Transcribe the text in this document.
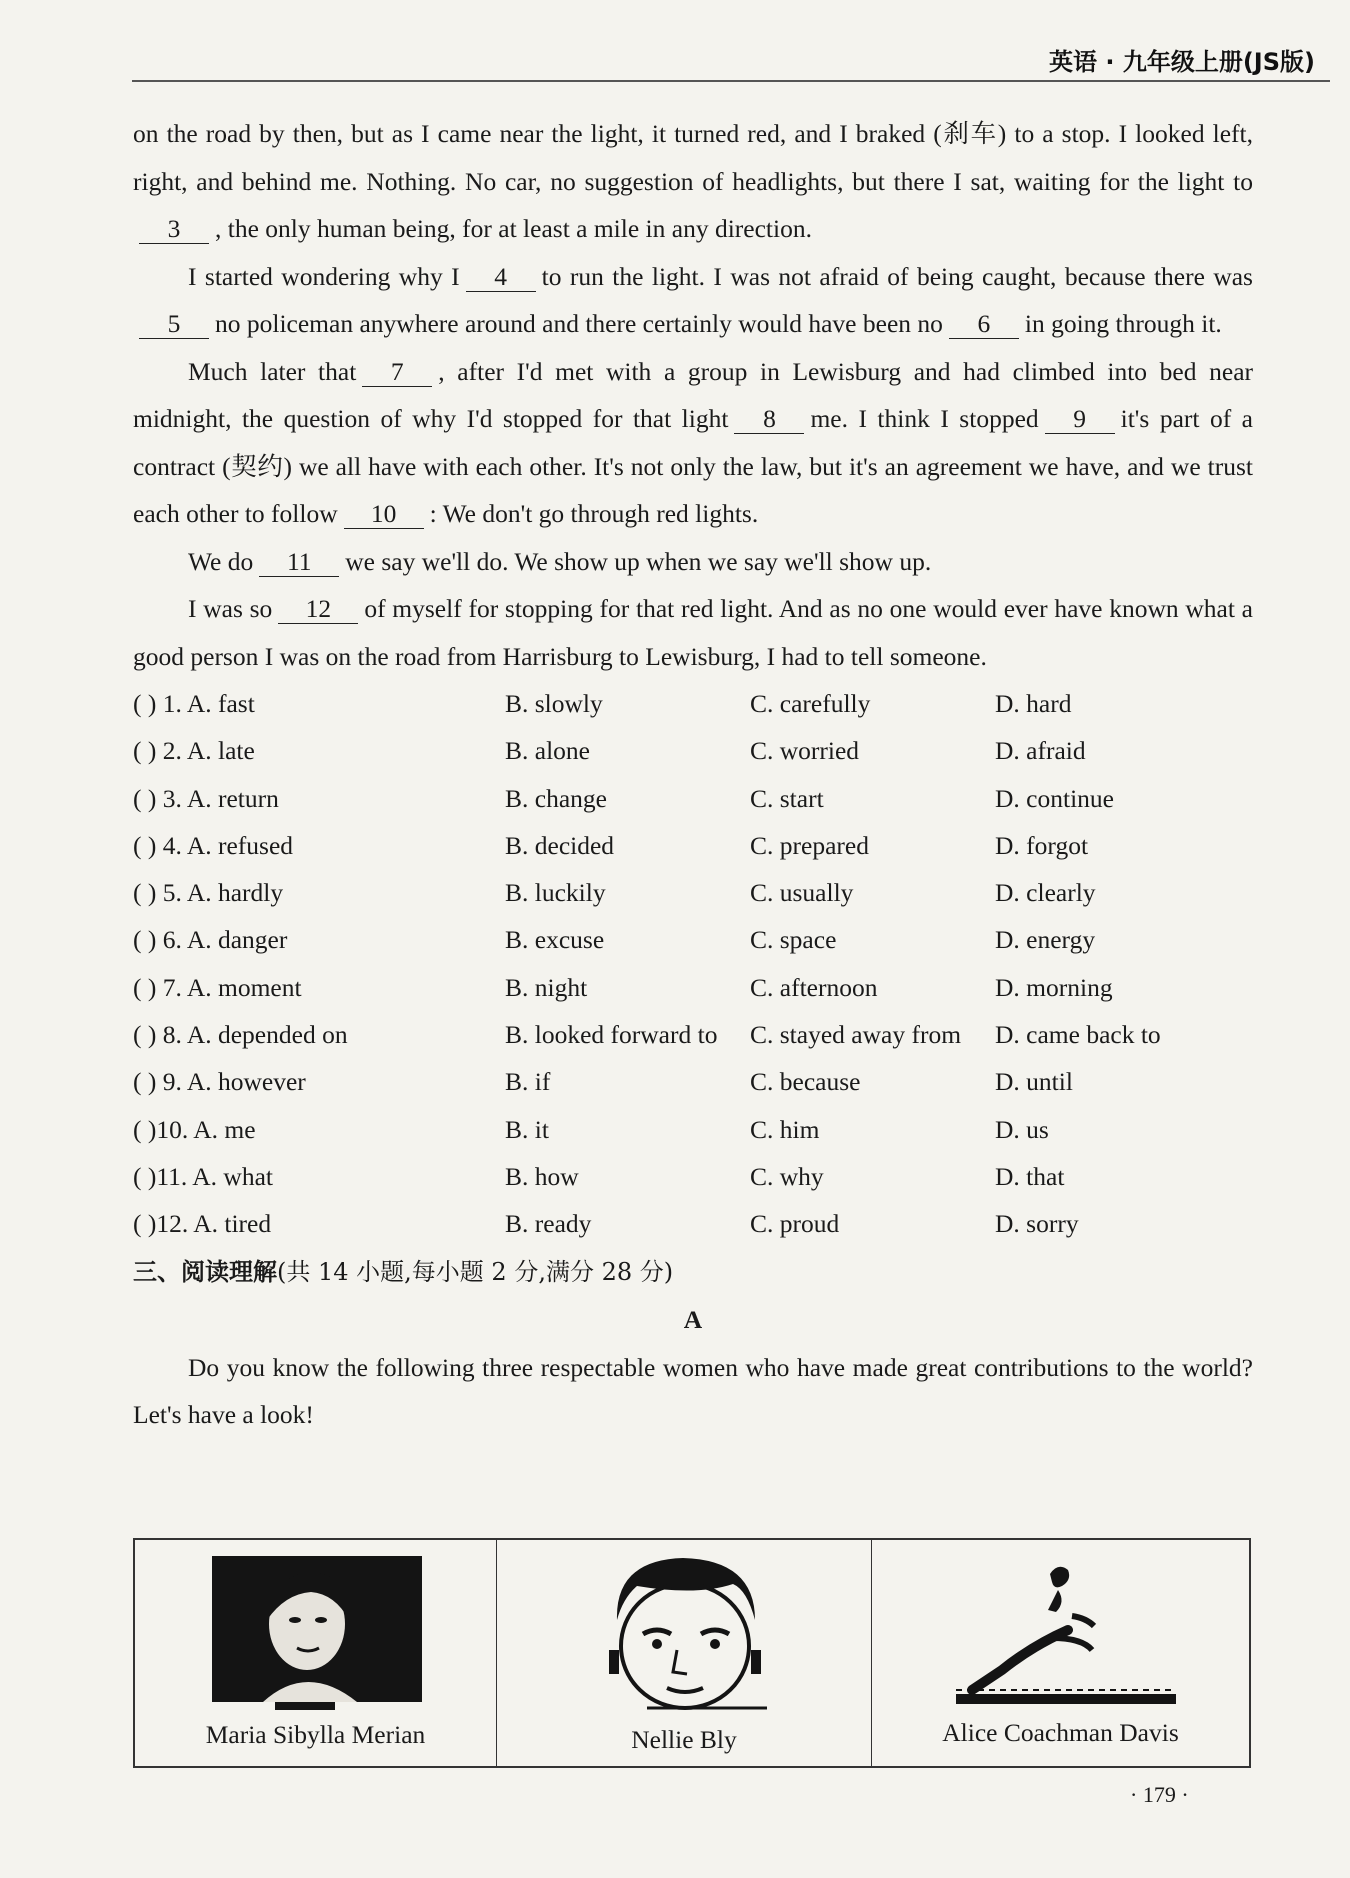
英语 · 九年级上册(JS版)

on the road by then, but as I came near the light, it turned red, and I braked (刹车) to a stop. I looked left, right, and behind me. Nothing. No car, no suggestion of headlights, but there I sat, waiting for the light to3 , the only human being, for at least a mile in any direction.

I started wondering why I 4 to run the light. I was not afraid of being caught, because there was5 no policeman anywhere around and there certainly would have been no 6 in going through it.

Much later that 7 , after I'd met with a group in Lewisburg and had climbed into bed near midnight, the question of why I'd stopped for that light 8 me. I think I stopped 9 it's part of a contract (契约) we all have with each other. It's not only the law, but it's an agreement we have, and we trust each other to follow 10 : We don't go through red lights.

We do 11 we say we'll do. We show up when we say we'll show up.

I was so 12 of myself for stopping for that red light. And as no one would ever have known what a good person I was on the road from Harrisburg to Lewisburg, I had to tell someone.

( ) 1. A. fast	B. slowly	C. carefully	D. hard
( ) 2. A. late	B. alone	C. worried	D. afraid
( ) 3. A. return	B. change	C. start	D. continue
( ) 4. A. refused	B. decided	C. prepared	D. forgot
( ) 5. A. hardly	B. luckily	C. usually	D. clearly
( ) 6. A. danger	B. excuse	C. space	D. energy
( ) 7. A. moment	B. night	C. afternoon	D. morning
( ) 8. A. depended on	B. looked forward to	C. stayed away from	D. came back to
( ) 9. A. however	B. if	C. because	D. until
( )10. A. me	B. it	C. him	D. us
( )11. A. what	B. how	C. why	D. that
( )12. A. tired	B. ready	C. proud	D. sorry

三、阅读理解(共 14 小题,每小题 2 分,满分 28 分)

A

Do you know the following three respectable women who have made great contributions to the world? Let's have a look!

Maria Sibylla Merian	Nellie Bly	Alice Coachman Davis
· 179 ·
